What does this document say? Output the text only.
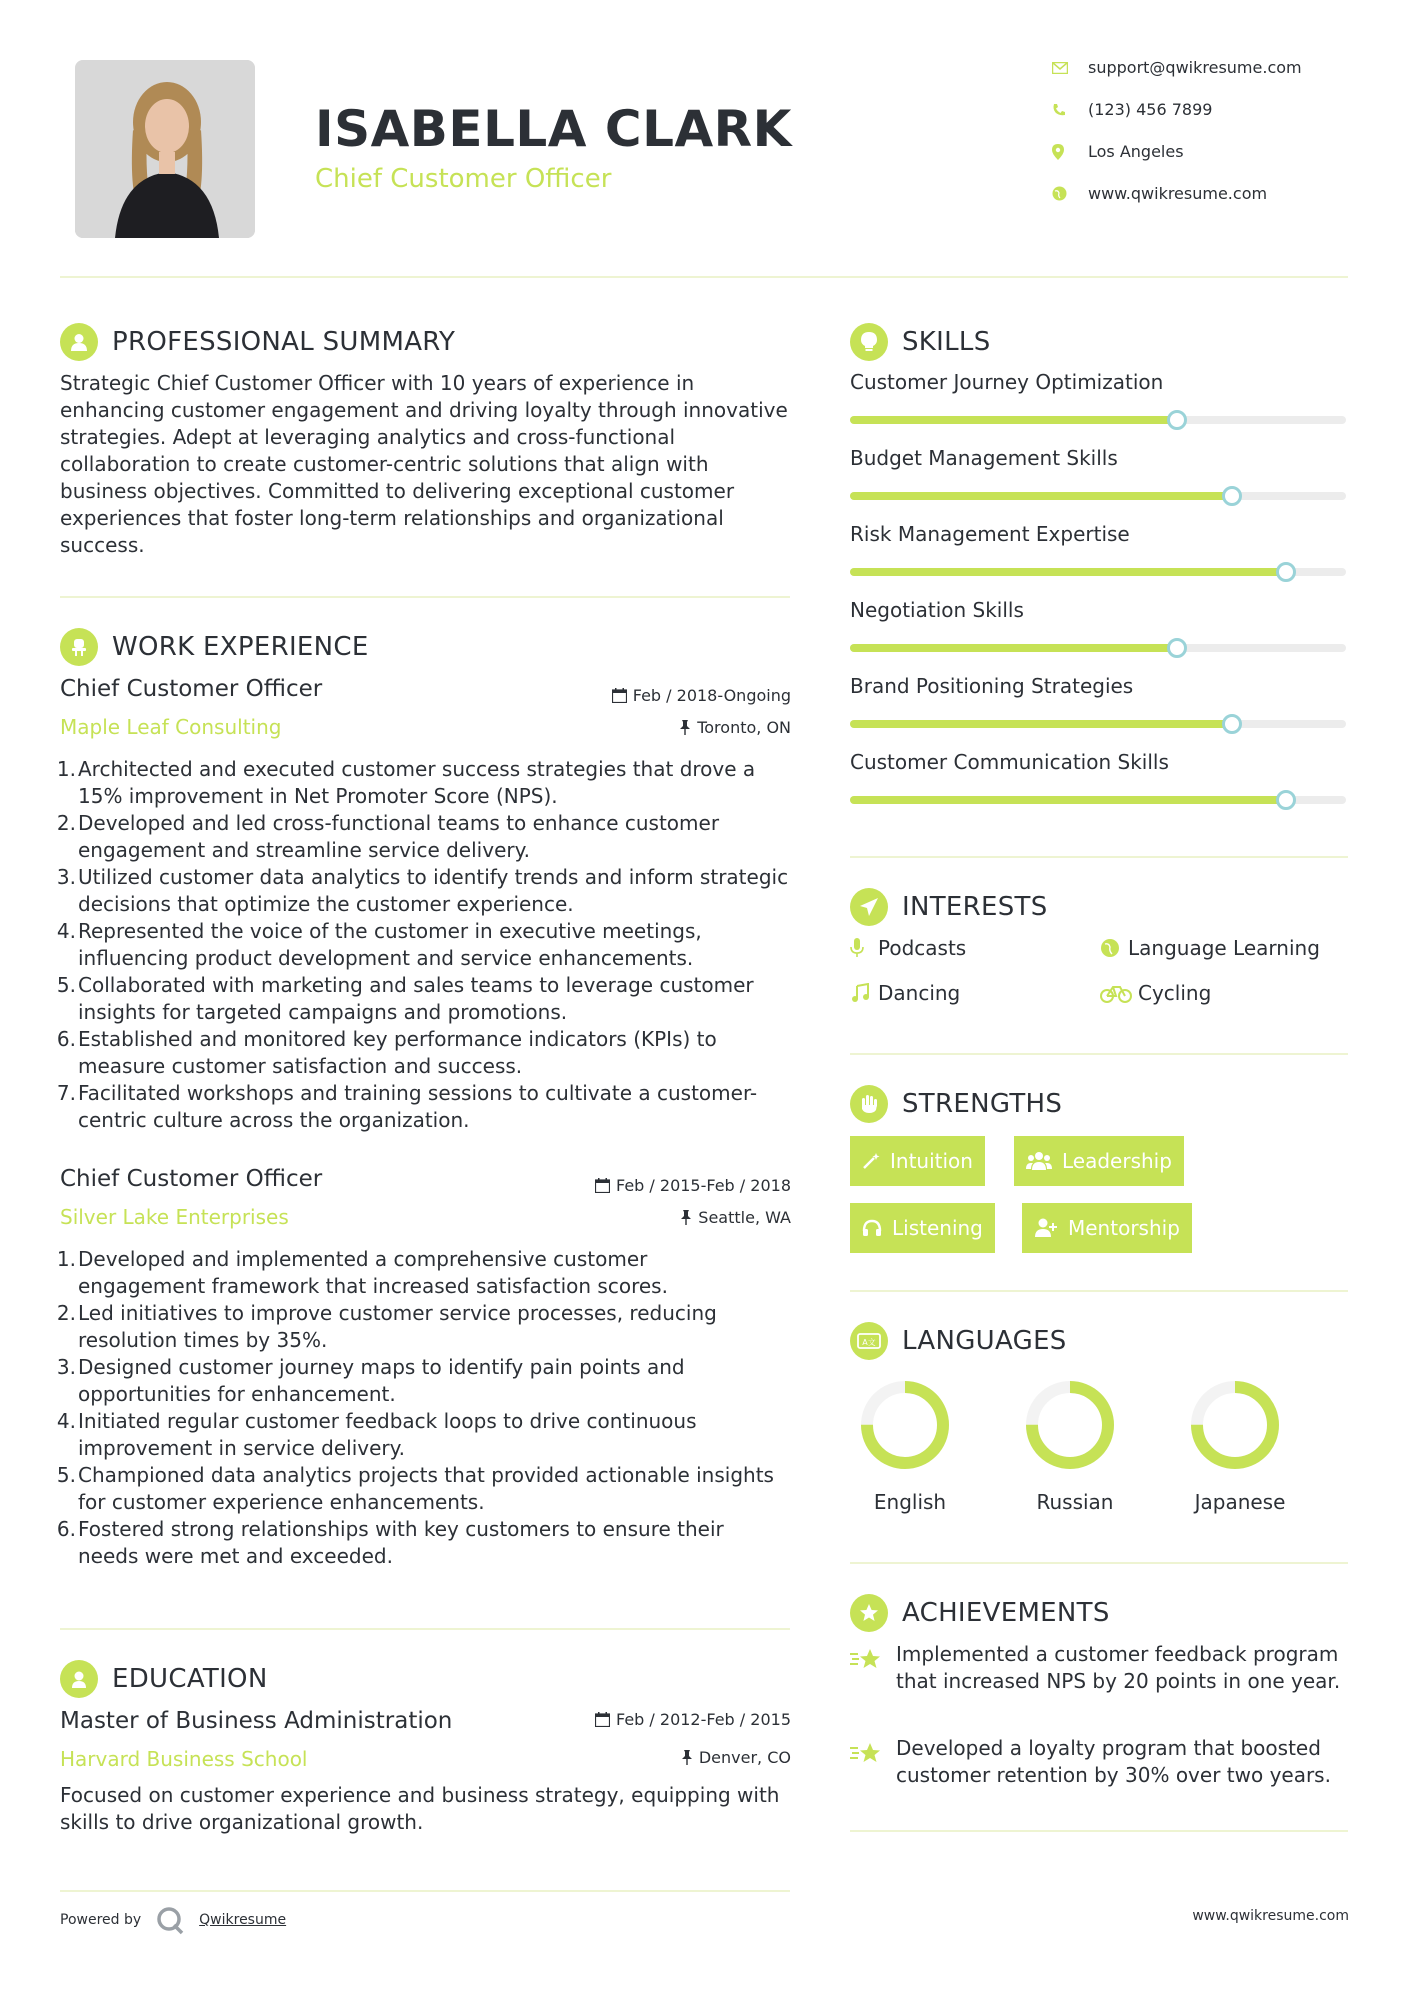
ISABELLA CLARK
Chief Customer Officer
support@qwikresume.com
(123) 456 7899
Los Angeles
www.qwikresume.com
PROFESSIONAL SUMMARY
Strategic Chief Customer Officer with 10 years of experience in enhancing customer engagement and driving loyalty through innovative strategies. Adept at leveraging analytics and cross-functional collaboration to create customer-centric solutions that align with business objectives. Committed to delivering exceptional customer experiences that foster long-term relationships and organizational success.
WORK EXPERIENCE
Chief Customer Officer	Feb / 2018-Ongoing
Maple Leaf Consulting	Toronto, ON
1. Architected and executed customer success strategies that drove a 15% improvement in Net Promoter Score (NPS).
2. Developed and led cross-functional teams to enhance customer engagement and streamline service delivery.
3. Utilized customer data analytics to identify trends and inform strategic decisions that optimize the customer experience.
4. Represented the voice of the customer in executive meetings, influencing product development and service enhancements.
5. Collaborated with marketing and sales teams to leverage customer insights for targeted campaigns and promotions.
6. Established and monitored key performance indicators (KPIs) to measure customer satisfaction and success.
7. Facilitated workshops and training sessions to cultivate a customer-centric culture across the organization.
Chief Customer Officer	Feb / 2015-Feb / 2018
Silver Lake Enterprises	Seattle, WA
1. Developed and implemented a comprehensive customer engagement framework that increased satisfaction scores.
2. Led initiatives to improve customer service processes, reducing resolution times by 35%.
3. Designed customer journey maps to identify pain points and opportunities for enhancement.
4. Initiated regular customer feedback loops to drive continuous improvement in service delivery.
5. Championed data analytics projects that provided actionable insights for customer experience enhancements.
6. Fostered strong relationships with key customers to ensure their needs were met and exceeded.
EDUCATION
Master of Business Administration	Feb / 2012-Feb / 2015
Harvard Business School	Denver, CO
Focused on customer experience and business strategy, equipping with skills to drive organizational growth.
SKILLS
Customer Journey Optimization
Budget Management Skills
Risk Management Expertise
Negotiation Skills
Brand Positioning Strategies
Customer Communication Skills
INTERESTS
Podcasts	Language Learning
Dancing	Cycling
STRENGTHS
Intuition	Leadership
Listening	Mentorship
A文 LANGUAGES
English	Russian	Japanese
ACHIEVEMENTS
Implemented a customer feedback program that increased NPS by 20 points in one year.
Developed a loyalty program that boosted customer retention by 30% over two years.
Powered by	Qwikresume	www.qwikresume.com
